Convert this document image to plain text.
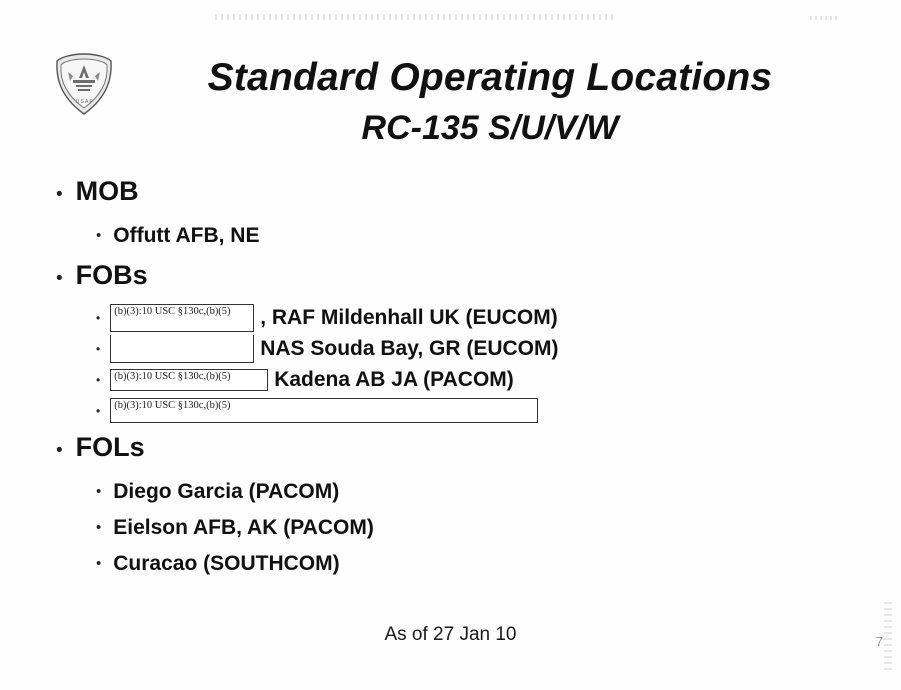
U S A F
Standard Operating Locations
RC-135 S/U/V/W
• MOB
• Offutt AFB, NE
• FOBs
•	(b)(3):10 USC §130c,(b)(5)	, RAF Mildenhall UK (EUCOM)
•	NAS Souda Bay, GR (EUCOM)
•	(b)(3):10 USC §130c,(b)(5)	Kadena AB JA (PACOM)
•	(b)(3):10 USC §130c,(b)(5)
• FOLs
• Diego Garcia (PACOM)
• Eielson AFB, AK (PACOM)
• Curacao (SOUTHCOM)
As of 27 Jan 10	7
